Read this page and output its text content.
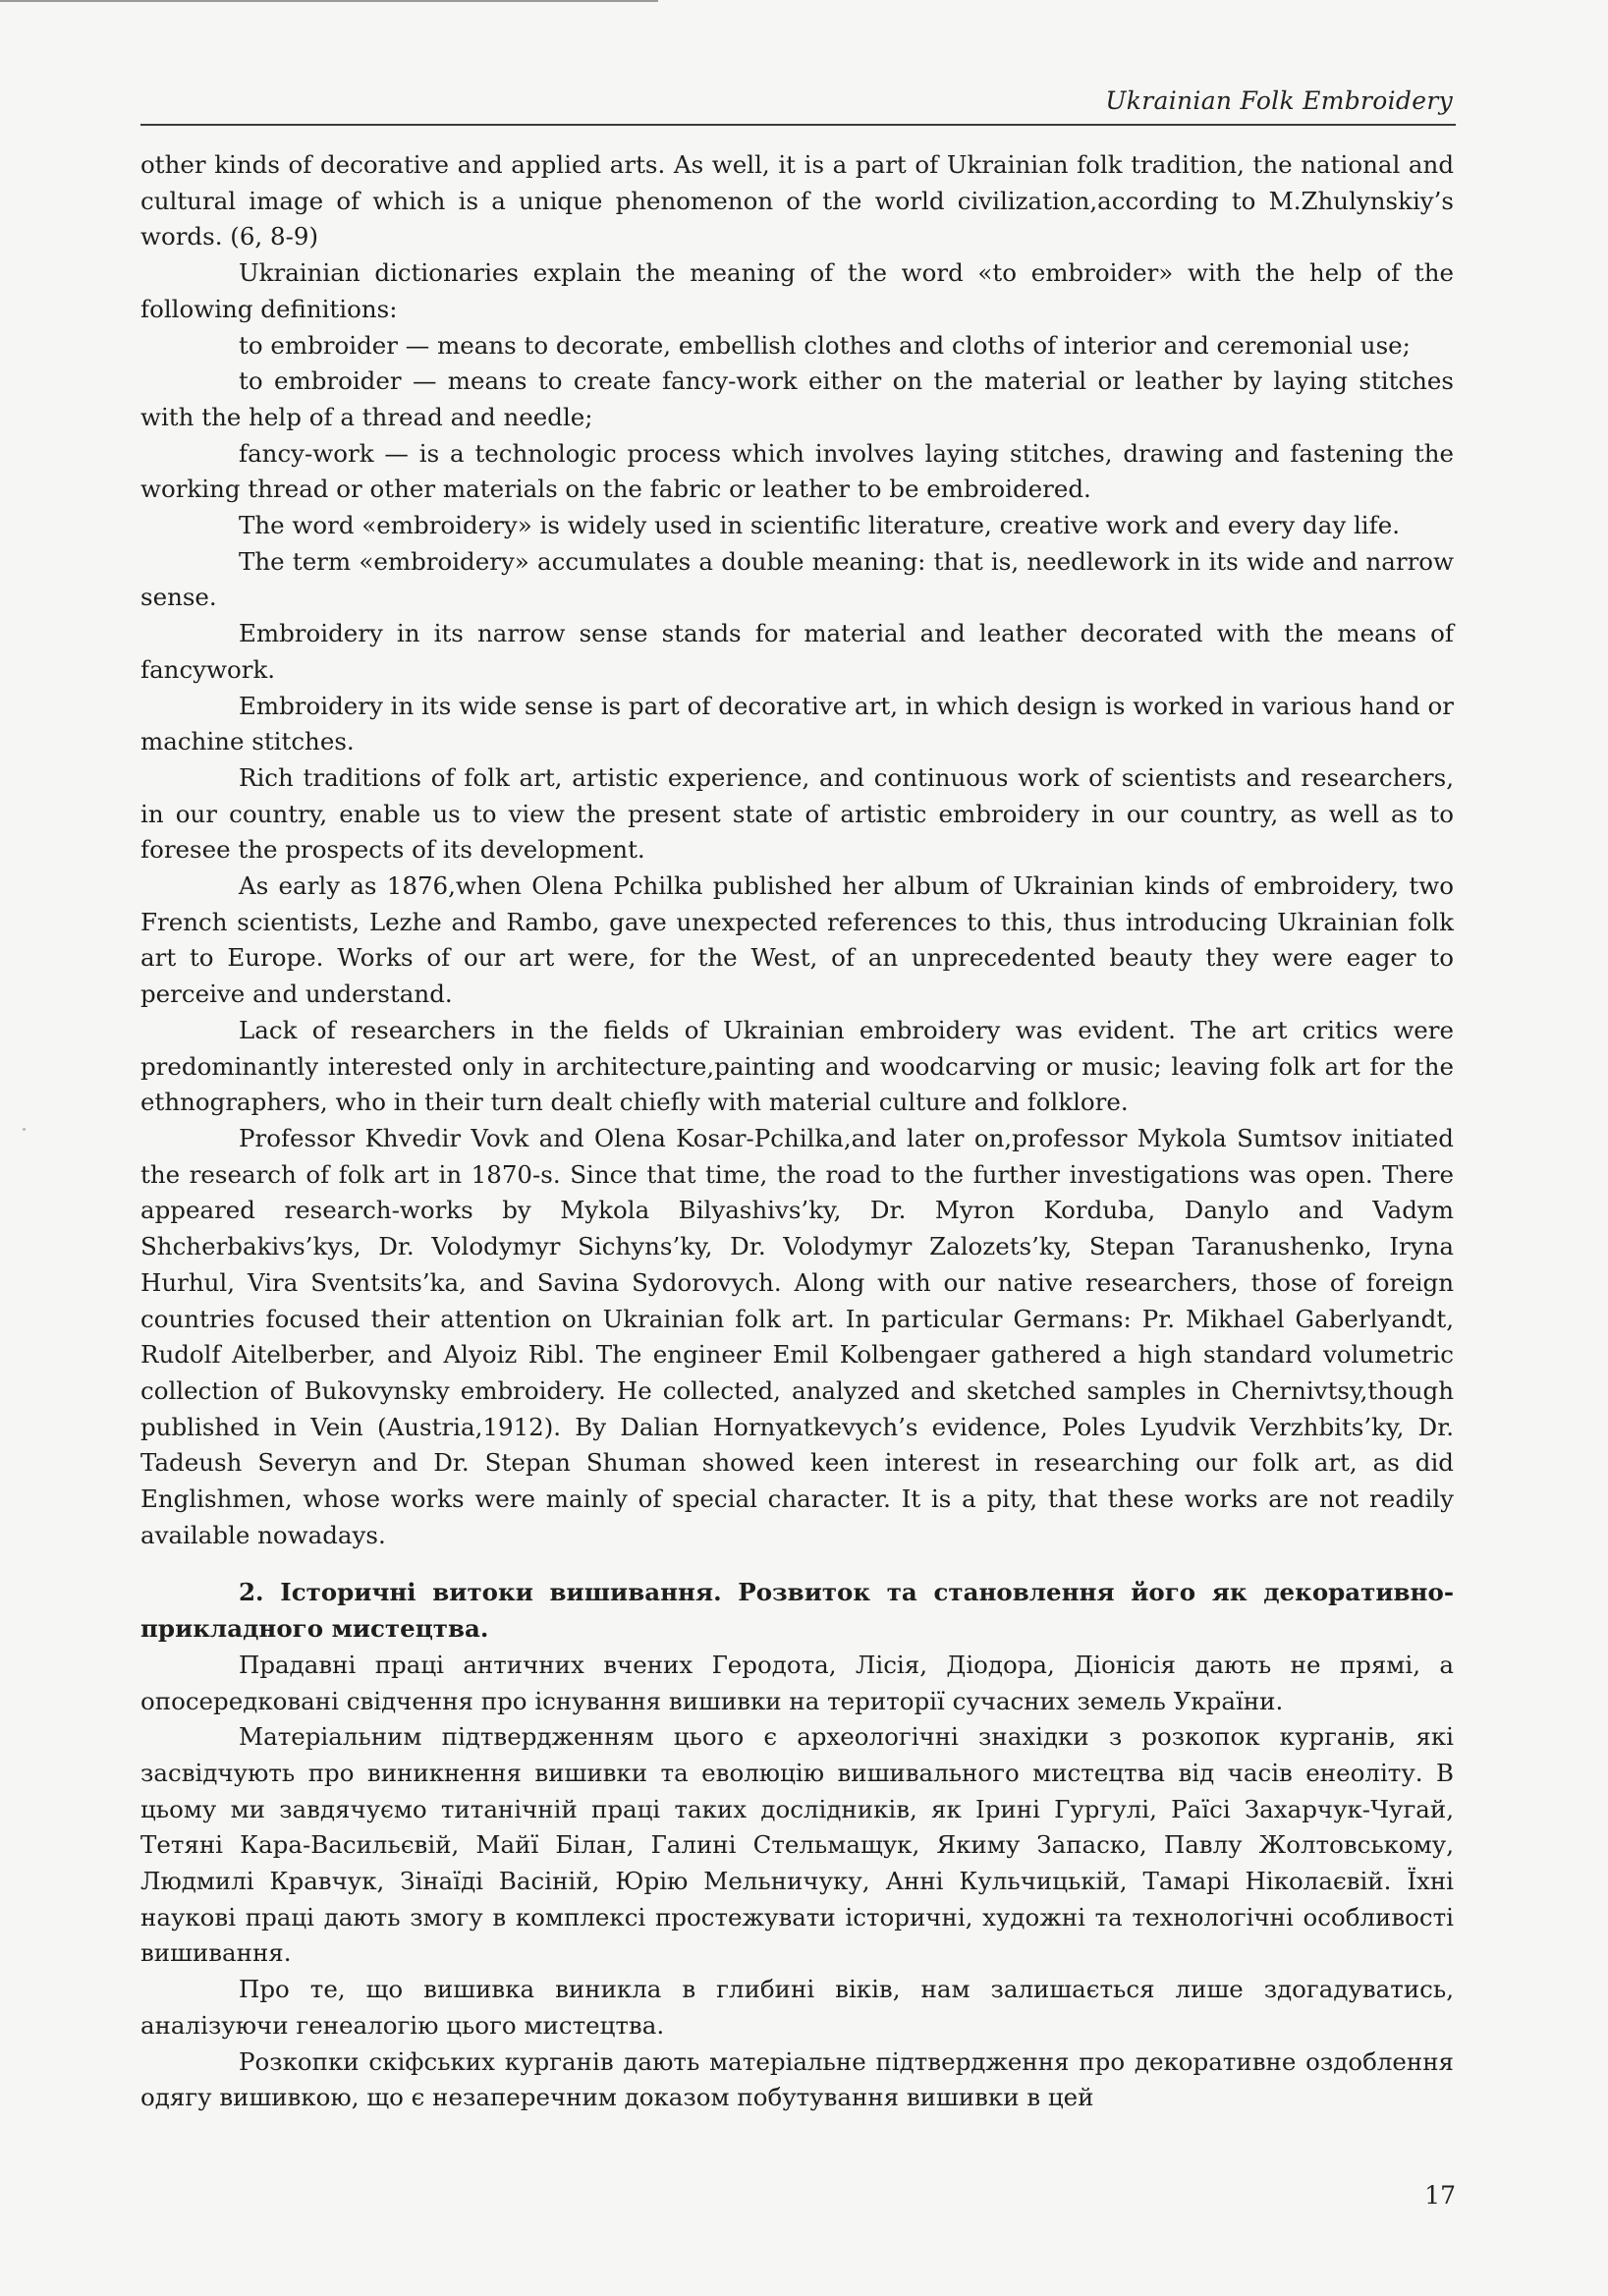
Ukrainian Folk Embroidery

other kinds of decorative and applied arts. As well, it is a part of Ukrainian folk tradition, the national and cultural image of which is a unique phenomenon of the world civilization,according to M.Zhulynskiy’s words. (6, 8-9)

Ukrainian dictionaries explain the meaning of the word «to embroider» with the help of the following definitions:

to embroider — means to decorate, embellish clothes and cloths of interior and ceremonial use;

to embroider — means to create fancy-work either on the material or leather by laying stitches with the help of a thread and needle;

fancy-work — is a technologic process which involves laying stitches, drawing and fastening the working thread or other materials on the fabric or leather to be embroidered.

The word «embroidery» is widely used in scientific literature, creative work and every day life.

The term «embroidery» accumulates a double meaning: that is, needlework in its wide and narrow sense.

Embroidery in its narrow sense stands for material and leather decorated with the means of fancywork.

Embroidery in its wide sense is part of decorative art, in which design is worked in various hand or machine stitches.

Rich traditions of folk art, artistic experience, and continuous work of scientists and researchers, in our country, enable us to view the present state of artistic embroidery in our country, as well as to foresee the prospects of its development.

As early as 1876,when Olena Pchilka published her album of Ukrainian kinds of embroidery, two French scientists, Lezhe and Rambo, gave unexpected references to this, thus introducing Ukrainian folk art to Europe. Works of our art were, for the West, of an unprecedented beauty they were eager to perceive and understand.

Lack of researchers in the fields of Ukrainian embroidery was evident. The art critics were predominantly interested only in architecture,painting and woodcarving or music; leaving folk art for the ethnographers, who in their turn dealt chiefly with material culture and folklore.

Professor Khvedir Vovk and Olena Kosar-Pchilka,and later on,professor Mykola Sumtsov initiated the research of folk art in 1870-s. Since that time, the road to the further investigations was open. There appeared research-works by Mykola Bilyashivs’ky, Dr. Myron Korduba, Danylo and Vadym Shcherbakivs’kys, Dr. Volodymyr Sichyns’ky, Dr. Volodymyr Zalozets’ky, Stepan Taranushenko, Iryna Hurhul, Vira Sventsits’ka, and Savina Sydorovych. Along with our native researchers, those of foreign countries focused their attention on Ukrainian folk art. In particular Germans: Pr. Mikhael Gaberlyandt, Rudolf Aitelberber, and Alyoiz Ribl. The engineer Emil Kolbengaer gathered a high standard volumetric collection of Bukovynsky embroidery. He collected, analyzed and sketched samples in Chernivtsy,though published in Vein (Austria,1912). By Dalian Hornyatkevych’s evidence, Poles Lyudvik Verzhbits’ky, Dr. Tadeush Severyn and Dr. Stepan Shuman showed keen interest in researching our folk art, as did Englishmen, whose works were mainly of special character. It is a pity, that these works are not readily available nowadays.

2. Історичні витоки вишивання. Розвиток та становлення його як декоративно-прикладного мистецтва.

Прадавні праці античних вчених Геродота, Лісія, Діодора, Діонісія дають не прямі, а опосередковані свідчення про існування вишивки на території сучасних земель України.

Матеріальним підтвердженням цього є археологічні знахідки з розкопок курганів, які засвідчують про виникнення вишивки та еволюцію вишивального мистецтва від часів енеоліту. В цьому ми завдячуємо титанічній праці таких дослідників, як Ірині Гургулі, Раїсі Захарчук-Чугай, Тетяні Кара-Васильєвій, Майї Білан, Галині Стельмащук, Якиму Запаско, Павлу Жолтовському, Людмилі Кравчук, Зінаїді Васіній, Юрію Мельничуку, Анні Кульчицькій, Тамарі Ніколаєвій. Їхні наукові праці дають змогу в комплексі простежувати історичні, художні та технологічні особливості вишивання.

Про те, що вишивка виникла в глибині віків, нам залишається лише здогадуватись, аналізуючи генеалогію цього мистецтва.

Розкопки скіфських курганів дають матеріальне підтвердження про декоративне оздоблення одягу вишивкою, що є незаперечним доказом побутування вишивки в цей

17
